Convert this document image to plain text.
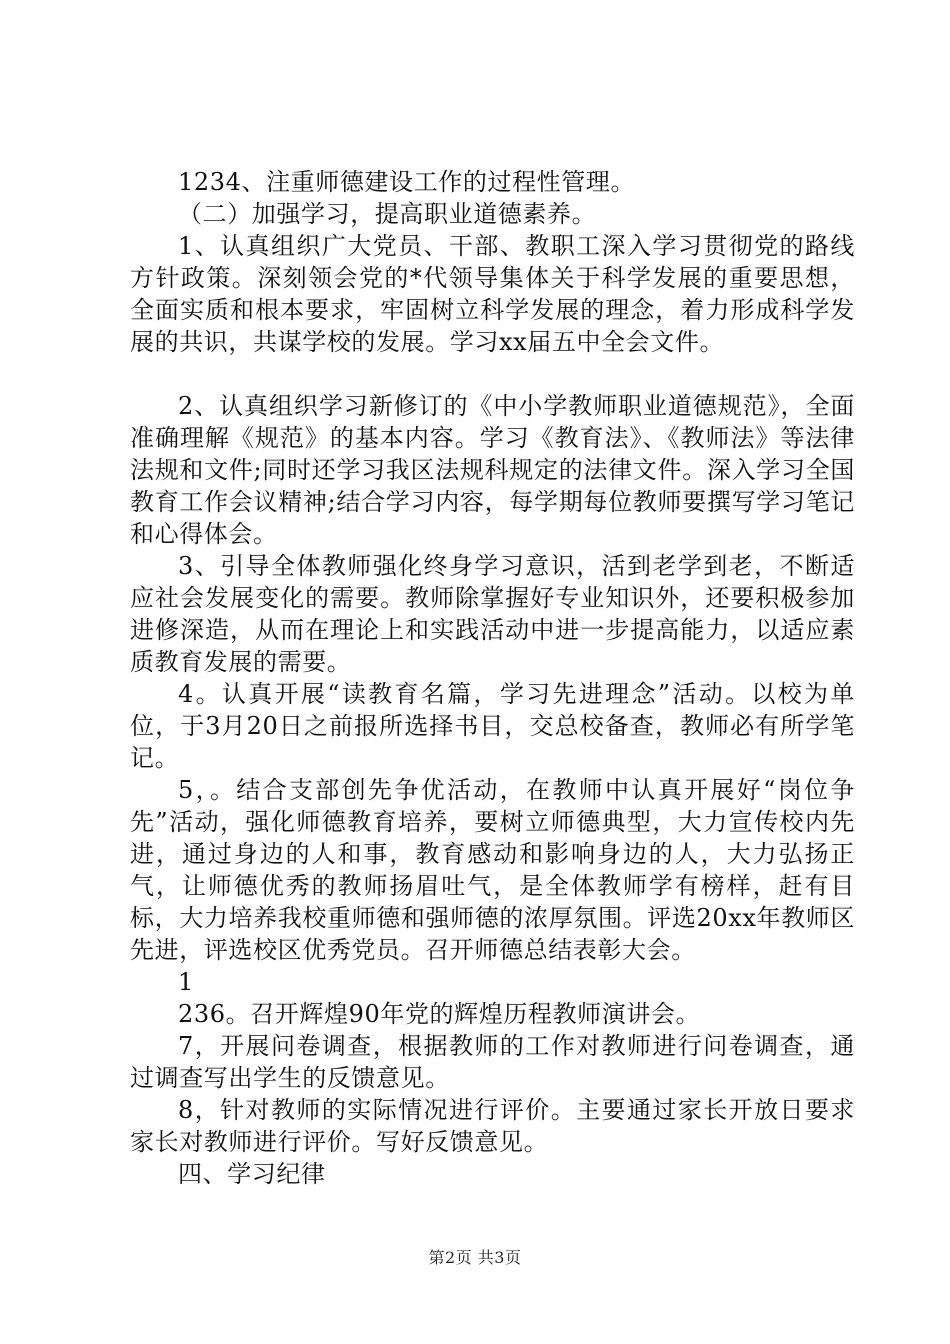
1234、注重师德建设工作的过程性管理。

（二）加强学习，提高职业道德素养。

1、认真组织广大党员、干部、教职工深入学习贯彻党的路线方针政策。深刻领会党的*代领导集体关于科学发展的重要思想，全面实质和根本要求，牢固树立科学发展的理念，着力形成科学发展的共识，共谋学校的发展。学习xx届五中全会文件。

2、认真组织学习新修订的《中小学教师职业道德规范》，全面准确理解《规范》的基本内容。学习《教育法》、《教师法》等法律法规和文件;同时还学习我区法规科规定的法律文件。深入学习全国教育工作会议精神;结合学习内容，每学期每位教师要撰写学习笔记和心得体会。

3、引导全体教师强化终身学习意识，活到老学到老，不断适应社会发展变化的需要。教师除掌握好专业知识外，还要积极参加进修深造，从而在理论上和实践活动中进一步提高能力，以适应素质教育发展的需要。

4。认真开展“读教育名篇，学习先进理念”活动。以校为单位，于3月20日之前报所选择书目，交总校备查，教师必有所学笔记。

5，。结合支部创先争优活动，在教师中认真开展好“岗位争先”活动，强化师德教育培养，要树立师德典型，大力宣传校内先进，通过身边的人和事，教育感动和影响身边的人，大力弘扬正气，让师德优秀的教师扬眉吐气，是全体教师学有榜样，赶有目标，大力培养我校重师德和强师德的浓厚氛围。评选20xx年教师区先进，评选校区优秀党员。召开师德总结表彰大会。

1

236。召开辉煌90年党的辉煌历程教师演讲会。

7，开展问卷调查，根据教师的工作对教师进行问卷调查，通过调查写出学生的反馈意见。

8，针对教师的实际情况进行评价。主要通过家长开放日要求家长对教师进行评价。写好反馈意见。

四、学习纪律

第2页 共3页
